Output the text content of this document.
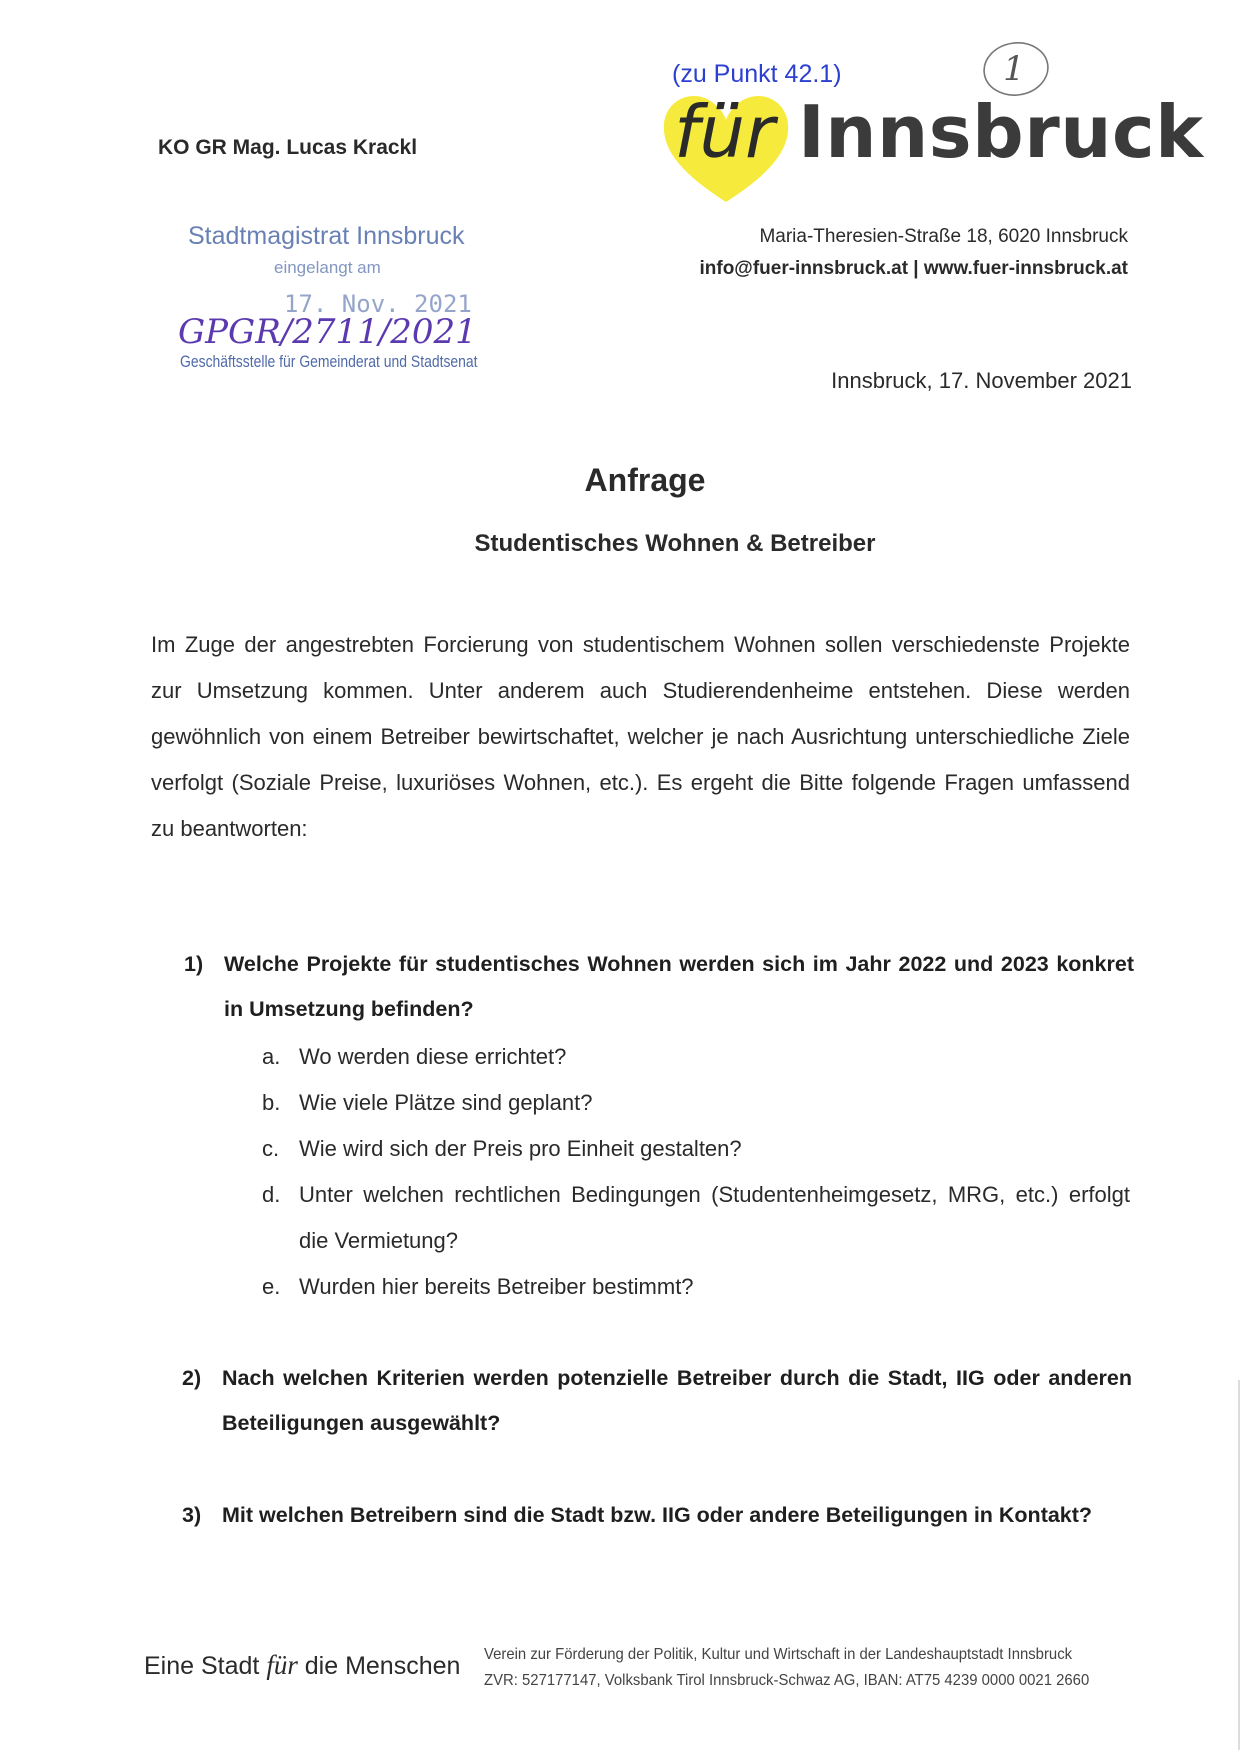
(zu Punkt 42.1)	1
für Innsbruck
KO GR Mag. Lucas Krackl
Stadtmagistrat Innsbruck
eingelangt am
17. Nov. 2021
GPGR/2711/2021
Geschäftsstelle für Gemeinderat und Stadtsenat
Maria-Theresien-Straße 18, 6020 Innsbruck
info@fuer-innsbruck.at | www.fuer-innsbruck.at
Innsbruck, 17. November 2021
Anfrage
Studentisches Wohnen & Betreiber
Im Zuge der angestrebten Forcierung von studentischem Wohnen sollen verschiedenste Projekte zur Umsetzung kommen. Unter anderem auch Studierendenheime entstehen. Diese werden gewöhnlich von einem Betreiber bewirtschaftet, welcher je nach Ausrichtung unterschiedliche Ziele verfolgt (Soziale Preise, luxuriöses Wohnen, etc.). Es ergeht die Bitte folgende Fragen umfassend zu beantworten:
1) Welche Projekte für studentisches Wohnen werden sich im Jahr 2022 und 2023 konkret in Umsetzung befinden?
a. Wo werden diese errichtet?
b. Wie viele Plätze sind geplant?
c. Wie wird sich der Preis pro Einheit gestalten?
d. Unter welchen rechtlichen Bedingungen (Studentenheimgesetz, MRG, etc.) erfolgt die Vermietung?
e. Wurden hier bereits Betreiber bestimmt?
2) Nach welchen Kriterien werden potenzielle Betreiber durch die Stadt, IIG oder anderen Beteiligungen ausgewählt?
3) Mit welchen Betreibern sind die Stadt bzw. IIG oder andere Beteiligungen in Kontakt?
Eine Stadt für die Menschen Verein zur Förderung der Politik, Kultur und Wirtschaft in der Landeshauptstadt Innsbruck
ZVR: 527177147, Volksbank Tirol Innsbruck-Schwaz AG, IBAN: AT75 4239 0000 0021 2660
